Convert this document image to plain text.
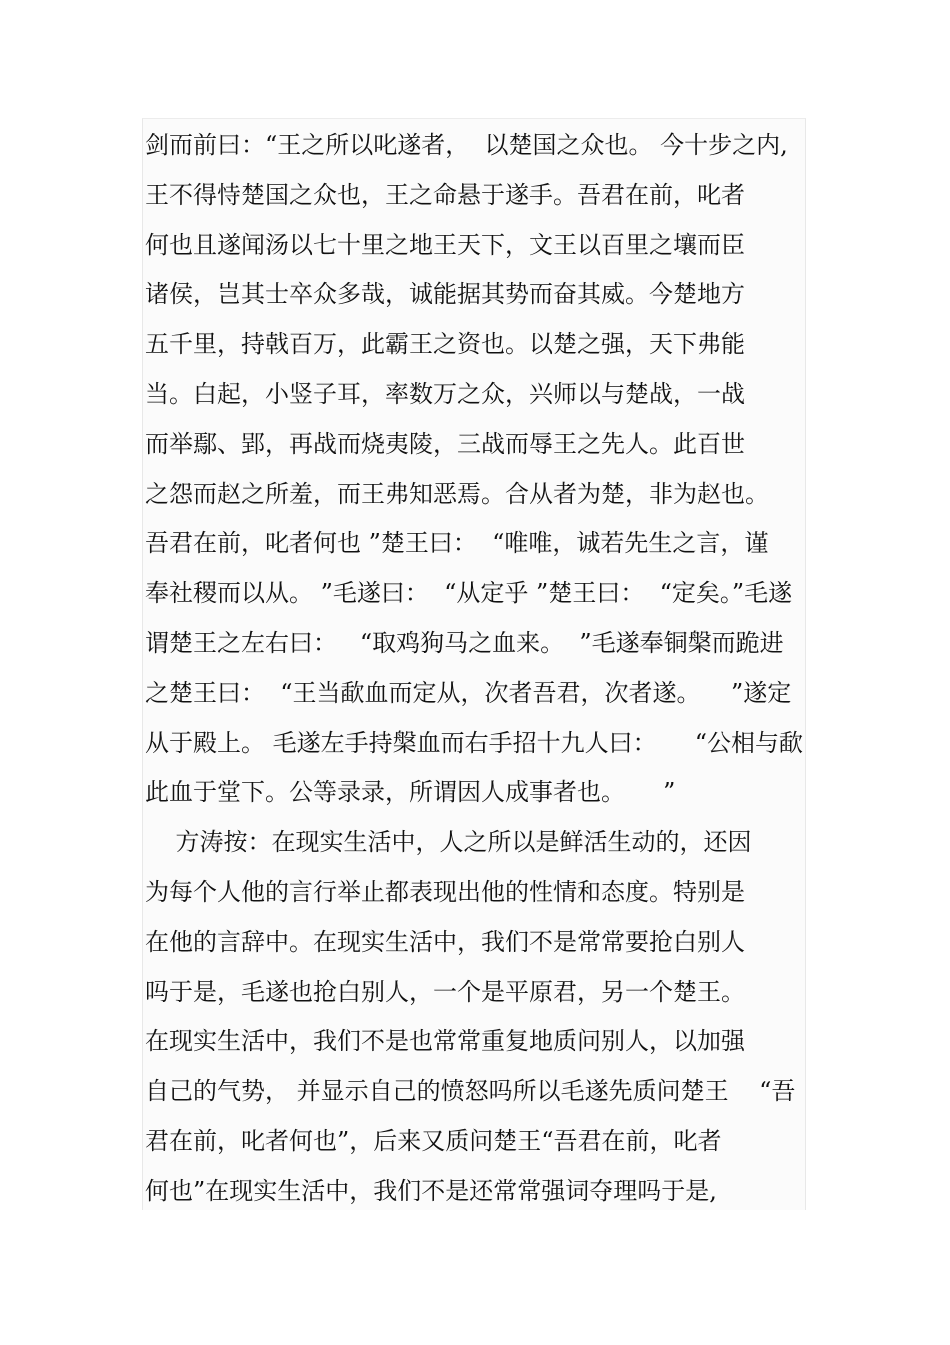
剑而前曰：“王之所以叱遂者，  以楚国之众也。 今十步之内,
王不得恃楚国之众也，王之命悬于遂手。吾君在前，叱者
何也且遂闻汤以七十里之地王天下，文王以百里之壤而臣
诸侯，岂其士卒众多哉，诚能据其势而奋其威。今楚地方
五千里，持戟百万，此霸王之资也。以楚之强，天下弗能
当。白起，小竖子耳，率数万之众，兴师以与楚战，一战
而举鄢、郢，再战而烧夷陵，三战而辱王之先人。此百世
之怨而赵之所羞，而王弗知恶焉。合从者为楚，非为赵也。
吾君在前，叱者何也 ”楚王曰：  “唯唯，诚若先生之言，谨
奉社稷而以从。 ”毛遂曰：  “从定乎 ”楚王曰：  “定矣。”毛遂
谓楚王之左右曰：   “取鸡狗马之血来。  ”毛遂奉铜槃而跪进
之楚王曰：  “王当歃血而定从，次者吾君，次者遂。    ”遂定
从于殿上。 毛遂左手持槃血而右手招十九人曰：     “公相与歃
此血于堂下。公等录录，所谓因人成事者也。     ”
方涛按：在现实生活中，人之所以是鲜活生动的，还因
为每个人他的言行举止都表现出他的性情和态度。特别是
在他的言辞中。在现实生活中，我们不是常常要抢白别人
吗于是，毛遂也抢白别人，一个是平原君，另一个楚王。
在现实生活中，我们不是也常常重复地质问别人，以加强
自己的气势， 并显示自己的愤怒吗所以毛遂先质问楚王    “吾
君在前，叱者何也”，后来又质问楚王“吾君在前，叱者
何也”在现实生活中，我们不是还常常强词夺理吗于是,
